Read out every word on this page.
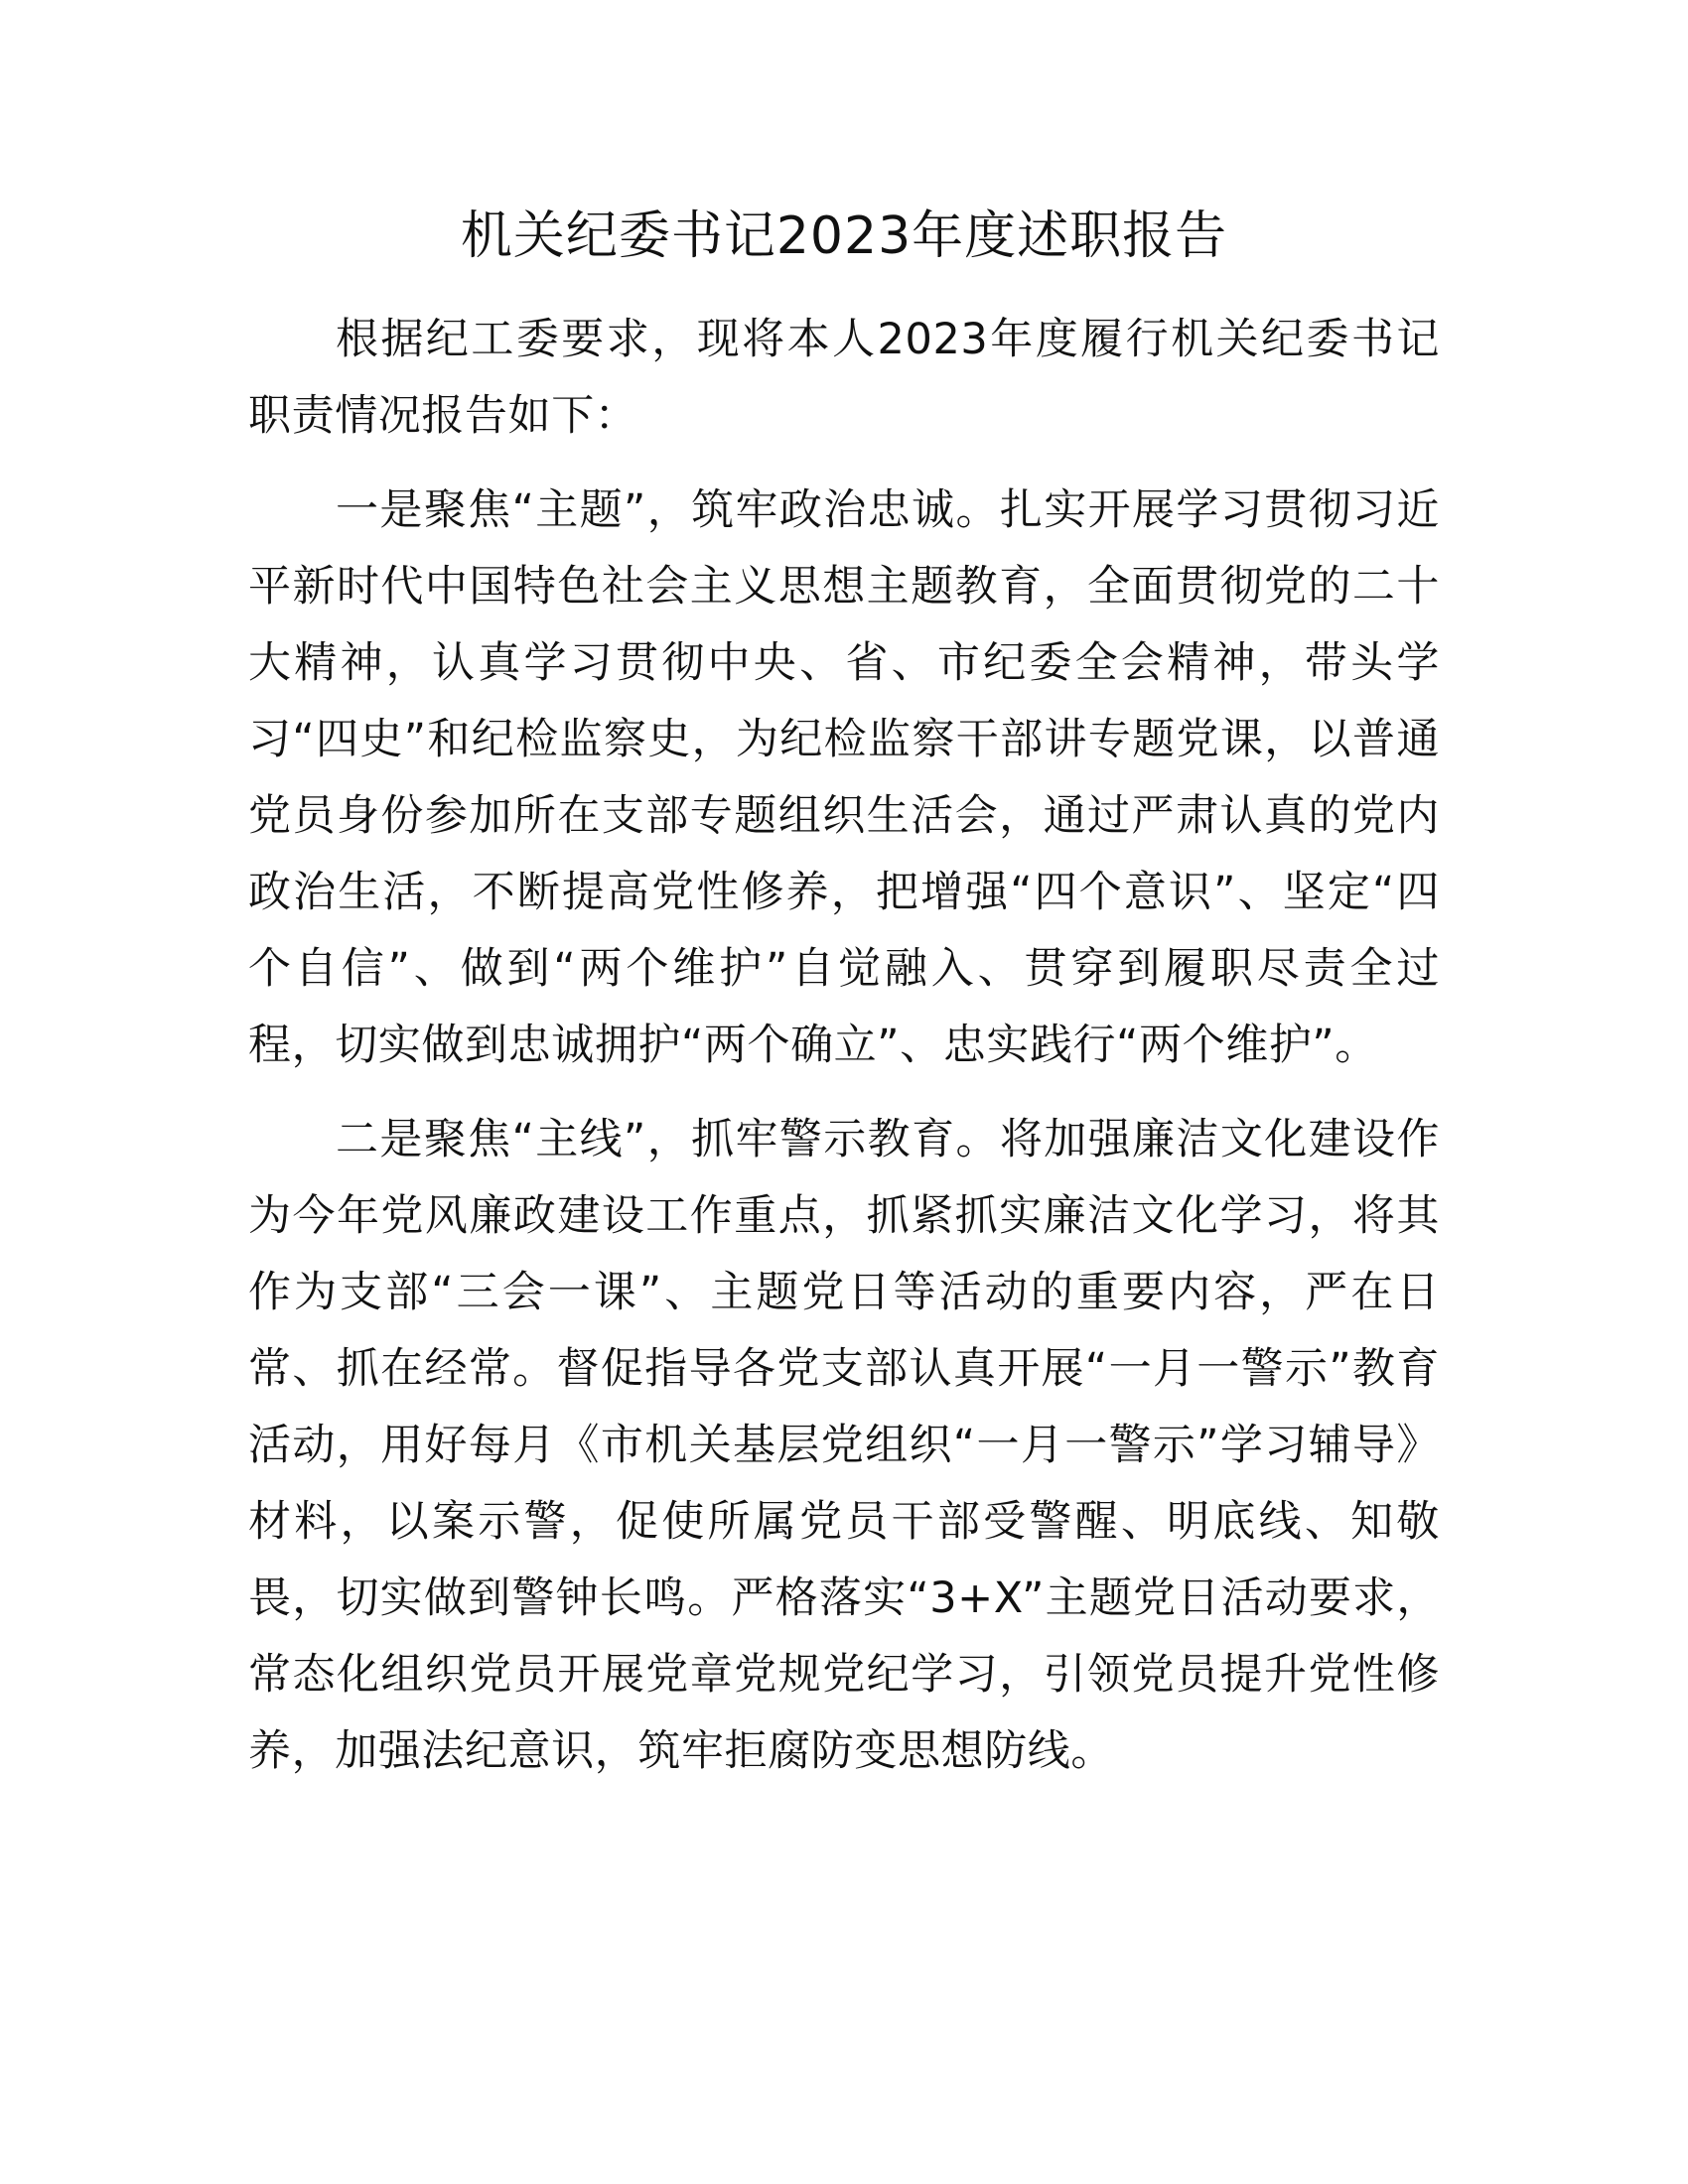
机关纪委书记2023年度述职报告

根据纪工委要求，现将本人2023年度履行机关纪委书记职责情况报告如下：

一是聚焦“主题”，筑牢政治忠诚。扎实开展学习贯彻习近平新时代中国特色社会主义思想主题教育，全面贯彻党的二十大精神，认真学习贯彻中央、省、市纪委全会精神，带头学习“四史”和纪检监察史，为纪检监察干部讲专题党课，以普通党员身份参加所在支部专题组织生活会，通过严肃认真的党内政治生活，不断提高党性修养，把增强“四个意识”、坚定“四个自信”、做到“两个维护”自觉融入、贯穿到履职尽责全过程，切实做到忠诚拥护“两个确立”、忠实践行“两个维护”。

二是聚焦“主线”，抓牢警示教育。将加强廉洁文化建设作为今年党风廉政建设工作重点，抓紧抓实廉洁文化学习，将其作为支部“三会一课”、主题党日等活动的重要内容，严在日常、抓在经常。督促指导各党支部认真开展“一月一警示”教育活动，用好每月《市机关基层党组织“一月一警示”学习辅导》材料，以案示警，促使所属党员干部受警醒、明底线、知敬畏，切实做到警钟长鸣。严格落实“3+X”主题党日活动要求，常态化组织党员开展党章党规党纪学习，引领党员提升党性修养，加强法纪意识，筑牢拒腐防变思想防线。
